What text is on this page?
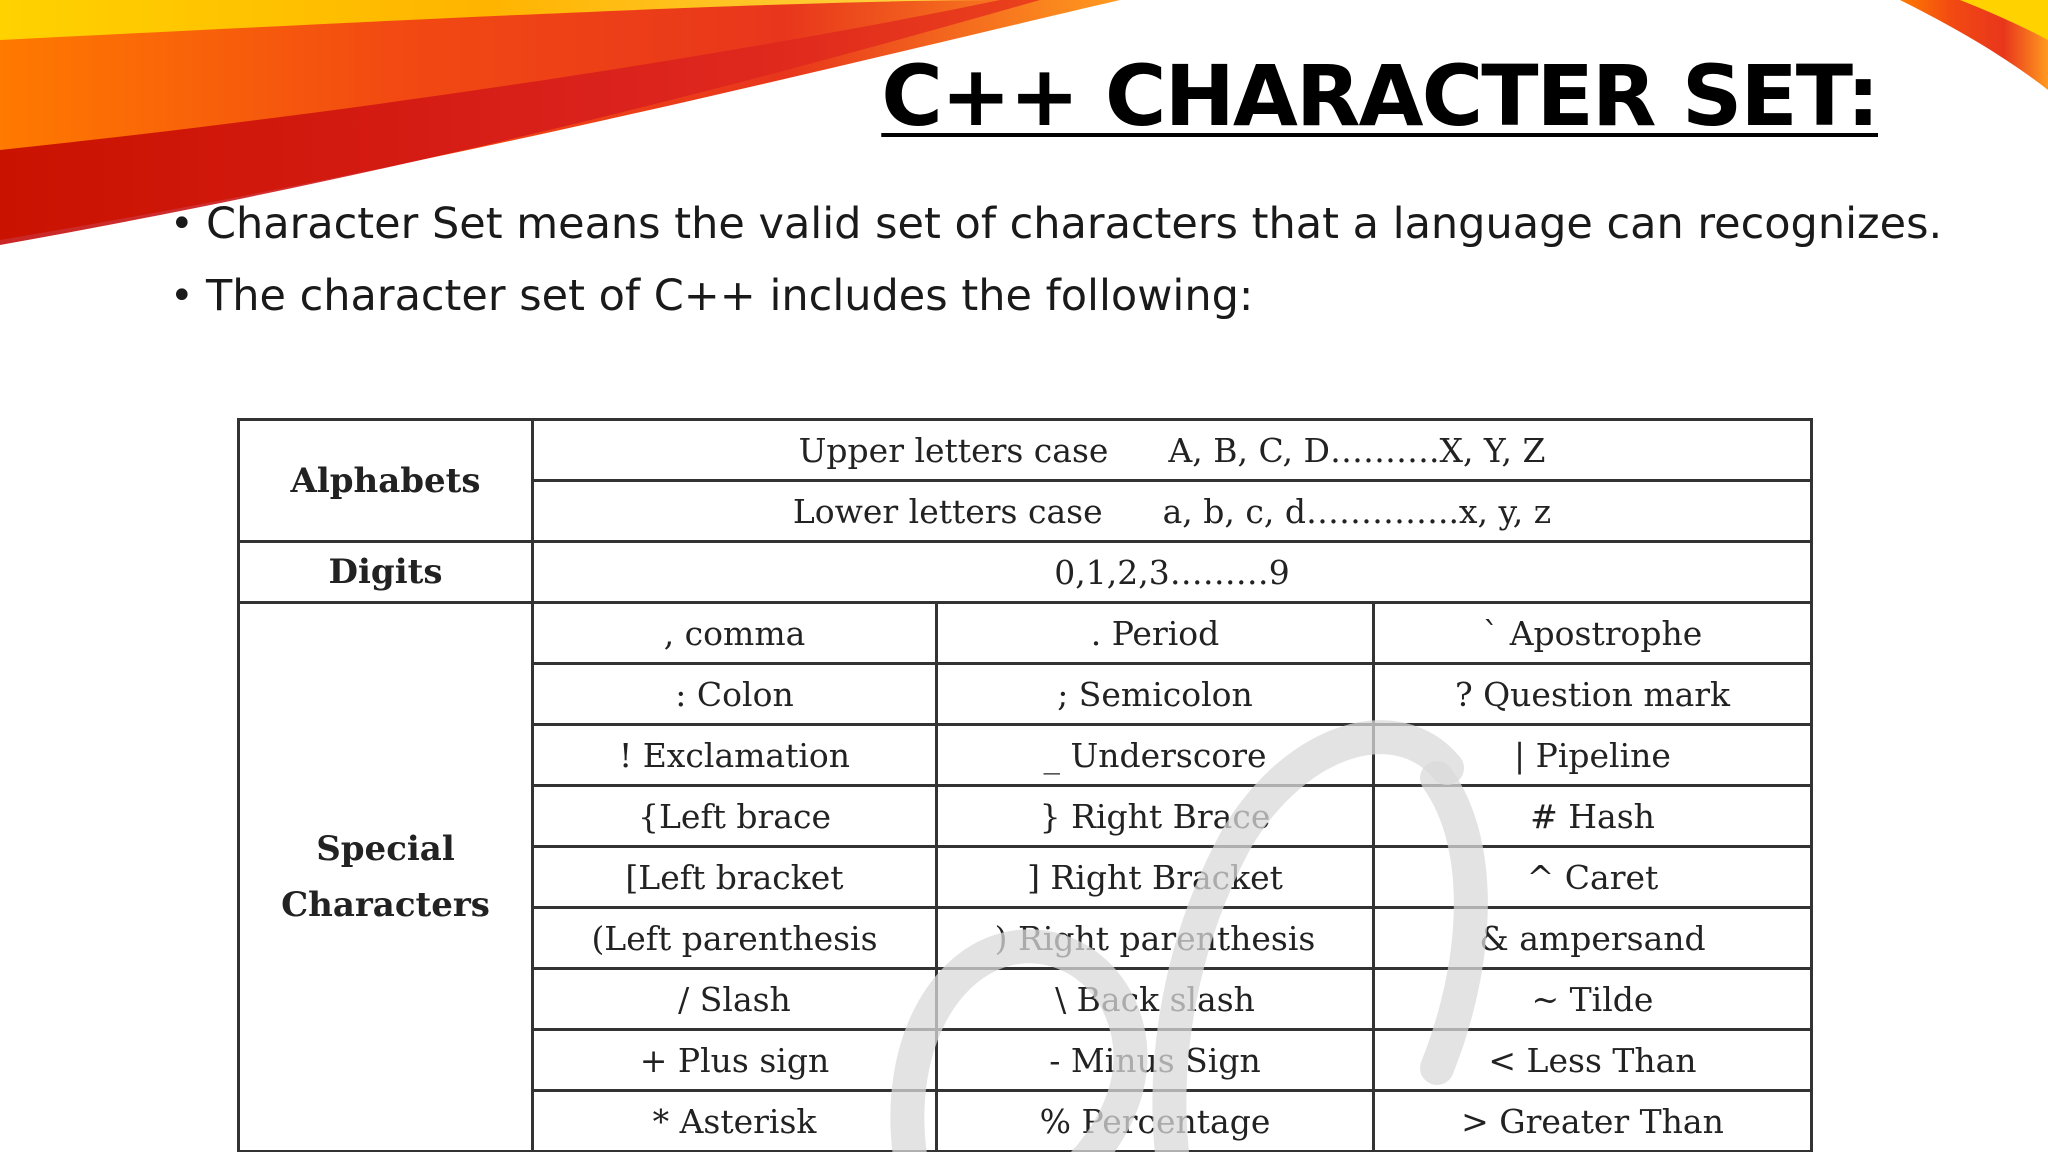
C++ CHARACTER SET:
• Character Set means the valid set of characters that a language can recognizes.
• The character set of C++ includes the following:
Alphabets	Upper letters case A, B, C, D……….X, Y, Z		

	Lower letters case a, b, c, d…………..x, y, z		

Digits	0,1,2,3………9		

Special
Characters	, comma	. Period	` Apostrophe
	: Colon	; Semicolon	? Question mark
	! Exclamation	_ Underscore	| Pipeline
	{Left brace	} Right Brace	# Hash
	[Left bracket	] Right Bracket	^ Caret
	(Left parenthesis	) Right parenthesis	& ampersand
	/ Slash	\ Back slash	~ Tilde
	+ Plus sign	- Minus Sign	< Less Than
	* Asterisk	% Percentage	> Greater Than
